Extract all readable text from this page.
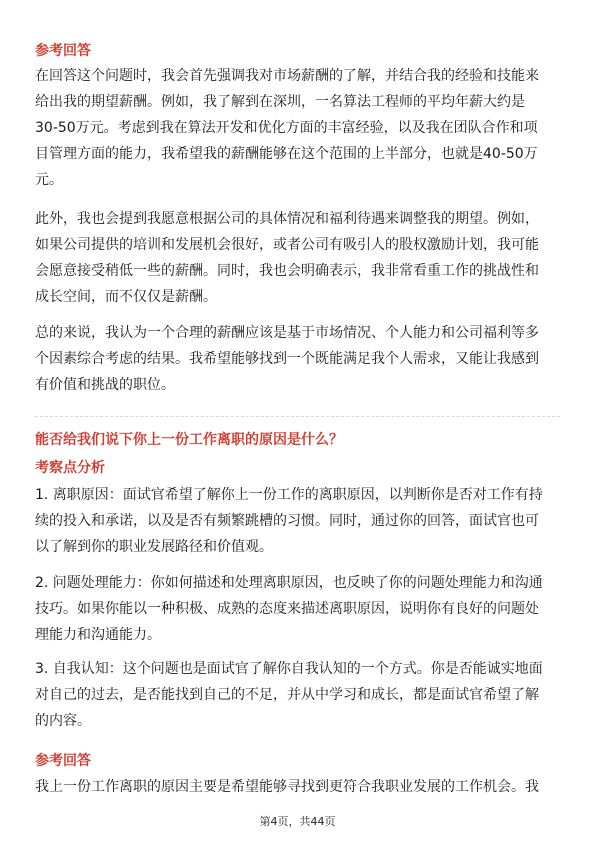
参考回答
在回答这个问题时，我会首先强调我对市场薪酬的了解，并结合我的经验和技能来
给出我的期望薪酬。例如，我了解到在深圳，一名算法工程师的平均年薪大约是
30-50万元。考虑到我在算法开发和优化方面的丰富经验，以及我在团队合作和项
目管理方面的能力，我希望我的薪酬能够在这个范围的上半部分，也就是40-50万
元。
此外，我也会提到我愿意根据公司的具体情况和福利待遇来调整我的期望。例如，
如果公司提供的培训和发展机会很好，或者公司有吸引人的股权激励计划，我可能
会愿意接受稍低一些的薪酬。同时，我也会明确表示，我非常看重工作的挑战性和
成长空间，而不仅仅是薪酬。
总的来说，我认为一个合理的薪酬应该是基于市场情况、个人能力和公司福利等多
个因素综合考虑的结果。我希望能够找到一个既能满足我个人需求，又能让我感到
有价值和挑战的职位。
能否给我们说下你上一份工作离职的原因是什么？
考察点分析
1. 离职原因：面试官希望了解你上一份工作的离职原因，以判断你是否对工作有持
续的投入和承诺，以及是否有频繁跳槽的习惯。同时，通过你的回答，面试官也可
以了解到你的职业发展路径和价值观。
2. 问题处理能力：你如何描述和处理离职原因，也反映了你的问题处理能力和沟通
技巧。如果你能以一种积极、成熟的态度来描述离职原因，说明你有良好的问题处
理能力和沟通能力。
3. 自我认知：这个问题也是面试官了解你自我认知的一个方式。你是否能诚实地面
对自己的过去，是否能找到自己的不足，并从中学习和成长，都是面试官希望了解
的内容。
参考回答
我上一份工作离职的原因主要是希望能够寻找到更符合我职业发展的工作机会。我
第4页，共44页
